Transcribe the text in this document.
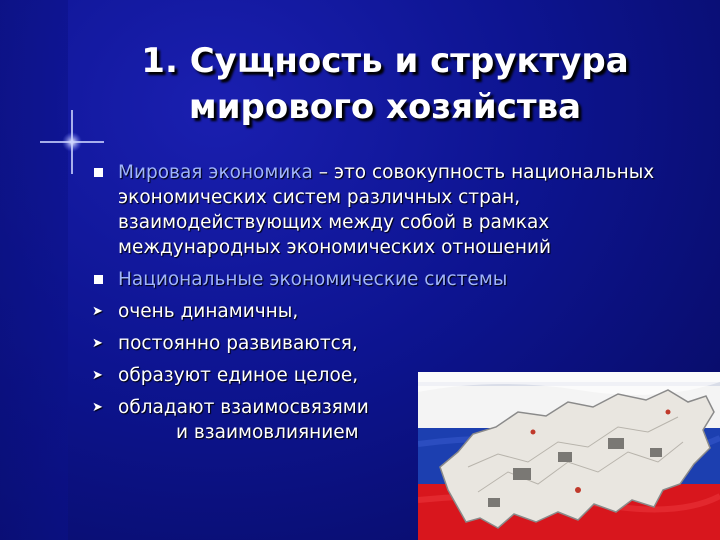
1. Сущность и структура
мирового хозяйства
Мировая экономика – это совокупность национальных экономических систем различных стран, взаимодействующих между собой в рамках международных экономических отношений
Национальные экономические системы
➤ очень динамичны,
➤ постоянно развиваются,
➤ образуют единое целое,
➤ обладают взаимосвязями
и взаимовлиянием
